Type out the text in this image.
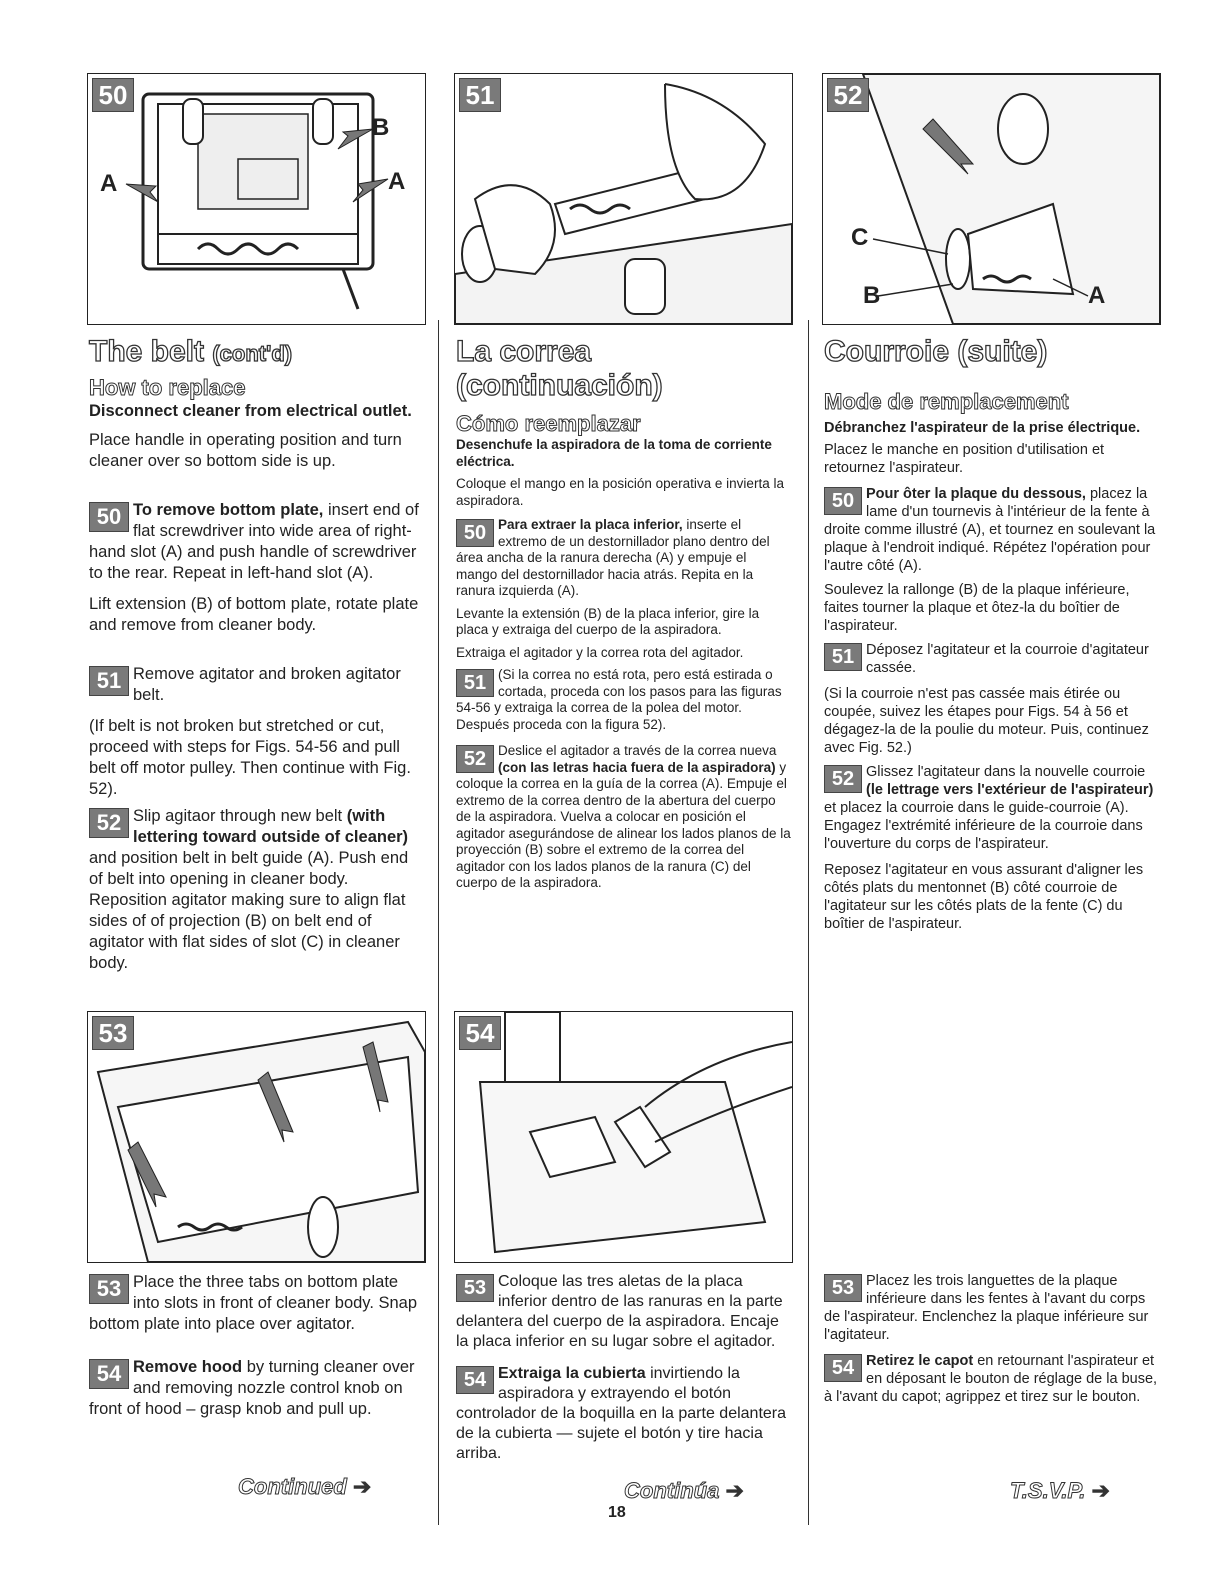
50
A
B
A
51	52
C
B	A
53	54
The belt (cont'd)
How to replace

Disconnect cleaner from electrical outlet.

Place handle in operating position and turn cleaner over so bottom side is up.

50 To remove bottom plate, insert end of flat screwdriver into wide area of right-hand slot (A) and push handle of screwdriver to the rear. Repeat in left-hand slot (A).

Lift extension (B) of bottom plate, rotate plate and remove from cleaner body.

51 Remove agitator and broken agitator belt.

(If belt is not broken but stretched or cut, proceed with steps for Figs. 54-56 and pull belt off motor pulley. Then continue with Fig. 52).

52 Slip agitaor through new belt (with lettering toward outside of cleaner) and position belt in belt guide (A). Push end of belt into opening in cleaner body. Reposition agitator making sure to align flat sides of of projection (B) on belt end of agitator with flat sides of slot (C) in cleaner body.

53 Place the three tabs on bottom plate into slots in front of cleaner body. Snap bottom plate into place over agitator.

54 Remove hood by turning cleaner over and removing nozzle control knob on front of hood – grasp knob and pull up.

Continued ➔
La correa
(continuación)
Cómo reemplazar

Desenchufe la aspiradora de la toma de corriente eléctrica.

Coloque el mango en la posición operativa e invierta la aspiradora.

50 Para extraer la placa inferior, inserte el extremo de un destornillador plano dentro del área ancha de la ranura derecha (A) y empuje el mango del destornillador hacia atrás. Repita en la ranura izquierda (A).

Levante la extensión (B) de la placa inferior, gire la placa y extraiga del cuerpo de la aspiradora.

Extraiga el agitador y la correa rota del agitador.

51 (Si la correa no está rota, pero está estirada o cortada, proceda con los pasos para las figuras 54-56 y extraiga la correa de la polea del motor. Después proceda con la figura 52).

52 Deslice el agitador a través de la correa nueva (con las letras hacia fuera de la aspiradora) y coloque la correa en la guía de la correa (A). Empuje el extremo de la correa dentro de la abertura del cuerpo de la aspiradora. Vuelva a colocar en posición el agitador asegurándose de alinear los lados planos de la proyección (B) sobre el extremo de la correa del agitador con los lados planos de la ranura (C) del cuerpo de la aspiradora.

53 Coloque las tres aletas de la placa inferior dentro de las ranuras en la parte delantera del cuerpo de la aspiradora. Encaje la placa inferior en su lugar sobre el agitador.

54 Extraiga la cubierta invirtiendo la aspiradora y extrayendo el botón controlador de la boquilla en la parte delantera de la cubierta — sujete el botón y tire hacia arriba.

Continúa ➔
18
Courroie (suite)
Mode de remplacement

Débranchez l'aspirateur de la prise électrique.

Placez le manche en position d'utilisation et retournez l'aspirateur.

50 Pour ôter la plaque du dessous, placez la lame d'un tournevis à l'intérieur de la fente à droite comme illustré (A), et tournez en soulevant la plaque à l'endroit indiqué. Répétez l'opération pour l'autre côté (A).

Soulevez la rallonge (B) de la plaque inférieure, faites tourner la plaque et ôtez-la du boîtier de l'aspirateur.

51 Déposez l'agitateur et la courroie d'agitateur cassée.

(Si la courroie n'est pas cassée mais étirée ou coupée, suivez les étapes pour Figs. 54 à 56 et dégagez-la de la poulie du moteur. Puis, continuez avec Fig. 52.)

52 Glissez l'agitateur dans la nouvelle courroie (le lettrage vers l'extérieur de l'aspirateur) et placez la courroie dans le guide-courroie (A). Engagez l'extrémité inférieure de la courroie dans l'ouverture du corps de l'aspirateur.

Reposez l'agitateur en vous assurant d'aligner les côtés plats du mentonnet (B) côté courroie de l'agitateur sur les côtés plats de la fente (C) du boîtier de l'aspirateur.

53 Placez les trois languettes de la plaque inférieure dans les fentes à l'avant du corps de l'aspirateur. Enclenchez la plaque inférieure sur l'agitateur.

54 Retirez le capot en retournant l'aspirateur et en déposant le bouton de réglage de la buse, à l'avant du capot; agrippez et tirez sur le bouton.

T.S.V.P. ➔
